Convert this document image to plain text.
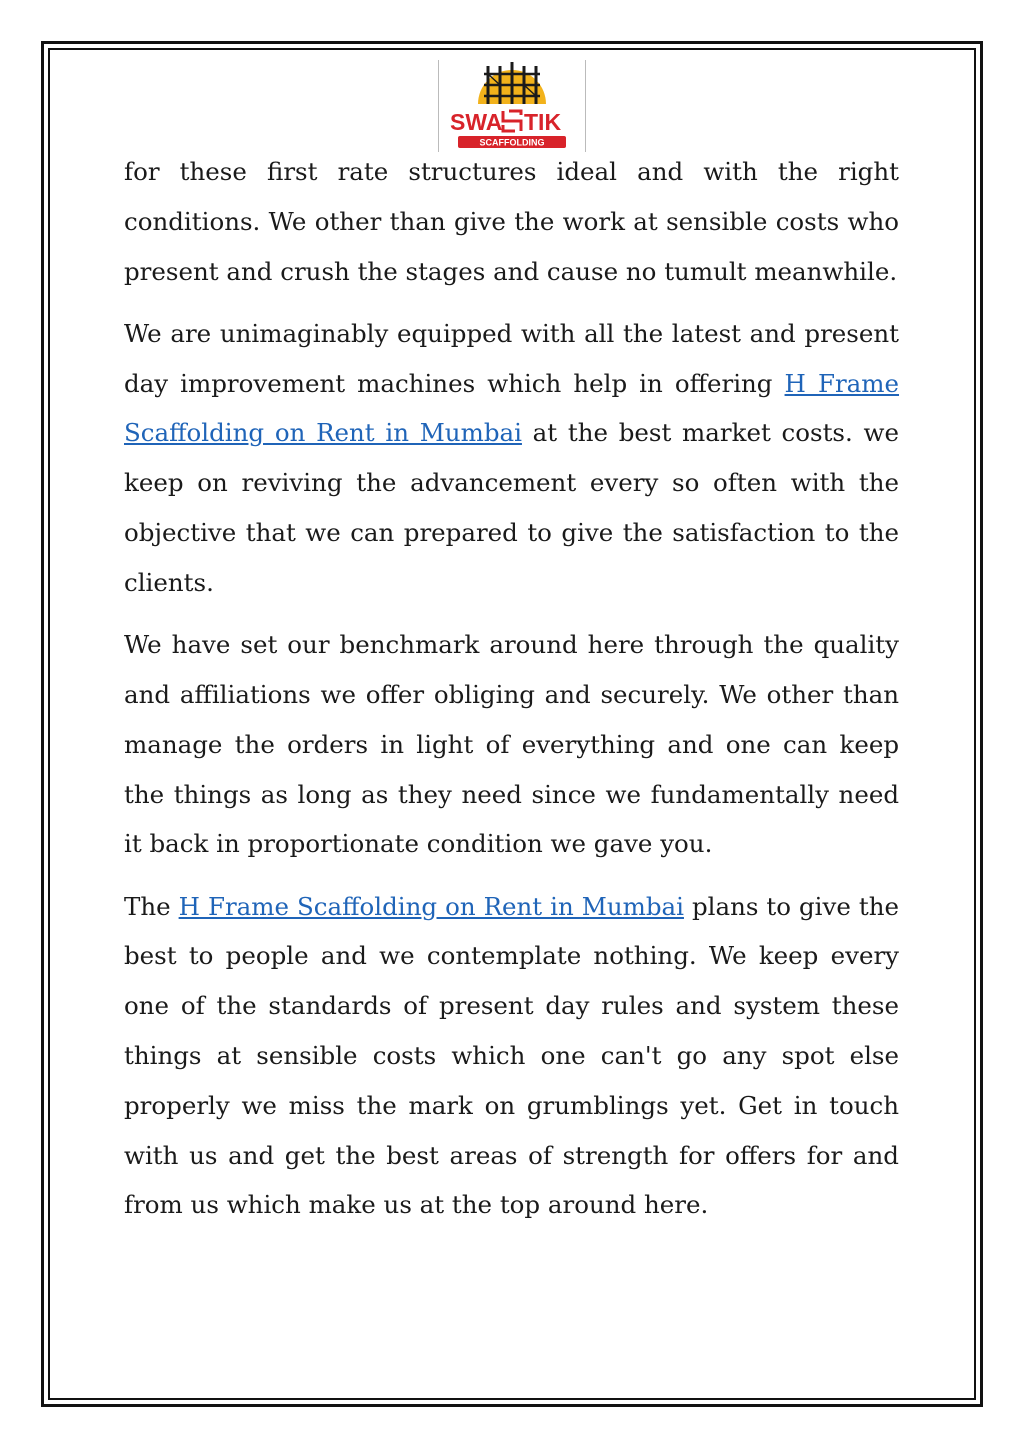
SWA TIK
SCAFFOLDING

for these first rate structures ideal and with the right conditions. We other than give the work at sensible costs who present and crush the stages and cause no tumult meanwhile.

We are unimaginably equipped with all the latest and present day improvement machines which help in offering H Frame Scaffolding on Rent in Mumbai at the best market costs. we keep on reviving the advancement every so often with the objective that we can prepared to give the satisfaction to the clients.

We have set our benchmark around here through the quality and affiliations we offer obliging and securely. We other than manage the orders in light of everything and one can keep the things as long as they need since we fundamentally need it back in proportionate condition we gave you.

The H Frame Scaffolding on Rent in Mumbai plans to give the best to people and we contemplate nothing. We keep every one of the standards of present day rules and system these things at sensible costs which one can't go any spot else properly we miss the mark on grumblings yet. Get in touch with us and get the best areas of strength for offers for and from us which make us at the top around here.
